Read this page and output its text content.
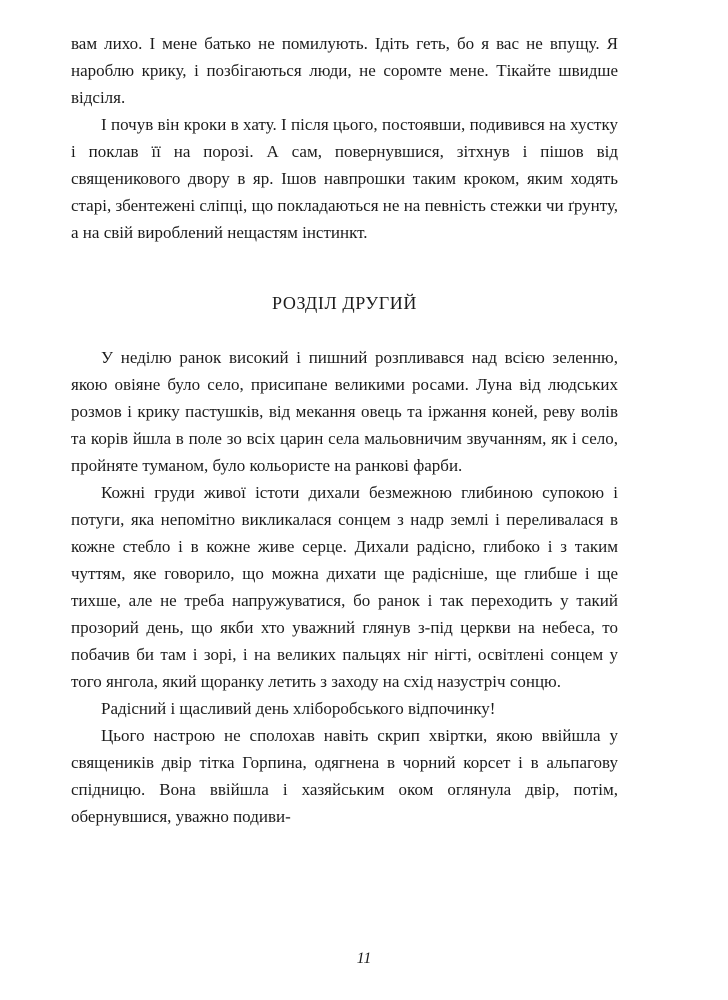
вам лихо. І мене батько не помилують. Ідіть геть, бо я вас не впущу. Я нароблю крику, і позбігаються люди, не соромте мене. Тікайте швидше відсіля.

І почув він кроки в хату. І після цього, постоявши, подивився на хустку і поклав її на порозі. А сам, повернувшися, зітхнув і пішов від священикового двору в яр. Ішов навпрошки таким кроком, яким ходять старі, збентежені сліпці, що покладаються не на певність стежки чи ґрунту, а на свій вироблений нещастям інстинкт.

РОЗДІЛ ДРУГИЙ

У неділю ранок високий і пишний розпливався над всією зеленню, якою овіяне було село, присипане великими росами. Луна від людських розмов і крику пастушків, від мекання овець та іржання коней, реву волів та корів йшла в поле зо всіх царин села мальовничим звучанням, як і село, пройняте туманом, було кольористе на ранкові фарби.

Кожні груди живої істоти дихали безмежною глибиною супокою і потуги, яка непомітно викликалася сонцем з надр землі і переливалася в кожне стебло і в кожне живе серце. Дихали радісно, глибоко і з таким чуттям, яке говорило, що можна дихати ще радісніше, ще глибше і ще тихше, але не треба напружуватися, бо ранок і так переходить у такий прозорий день, що якби хто уважний глянув з-під церкви на небеса, то побачив би там і зорі, і на великих пальцях ніг нігті, освітлені сонцем у того янгола, який щоранку летить з заходу на схід назустріч сонцю.

Радісний і щасливий день хліборобського відпочинку!

Цього настрою не сполохав навіть скрип хвіртки, якою ввійшла у священиків двір тітка Горпина, одягнена в чорний корсет і в альпагову спідницю. Вона ввійшла і хазяйським оком оглянула двір, потім, обернувшися, уважно подиви-

11
